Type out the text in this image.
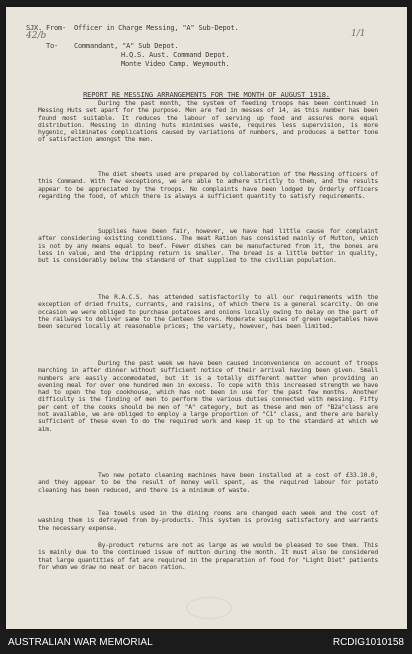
SJX. From- Officer in Charge Messing, "A" Sub-Depot.
42/b	1/1
To- Commandant, "A" Sub Depot.
H.Q.S. Aust. Command Depot.
Monte Video Camp. Weymouth.
REPORT RE MESSING ARRANGEMENTS FOR THE MONTH OF AUGUST 1918.
During the past month, the system of feeding troops has been continued in Messing Huts set apart for the purpose. Men are fed in messes of 14, as this number has been found most suitable. It reduces the labour of serving up food and assures more equal distribution. Messing in dining huts minimises waste, requires less supervision, is more hygenic, eliminates complications caused by variations of numbers, and produces a better tone of satisfaction amongst the men.
The diet sheets used are prepared by collaboration of the Messing officers of this Command. With few exceptions, we are able to adhere strictly to them, and the results appear to be appreciated by the troops. No complaints have been lodged by Orderly officers regarding the food, of which there is always a sufficient quantity to satisfy requirements.
Supplies have been fair, however, we have had little cause for complaint after considering existing conditions. The meat Ration has consisted mainly of Mutton, which is not by any means equal to beef. Fewer dishes can be manufactured from it, the bones are less in value, and the dripping return is smaller. The bread is a little better in quality, but is considerably below the standard of that supplied to the civilian population.
The R.A.C.S. has attended satisfactorily to all our requirements with the exception of dried fruits, currants, and raisins, of which there is a general scarcity. On one occasion we were obliged to purchase potatoes and onions locally owing to delay on the part of the railways to deliver same to the Canteen Stores. Moderate supplies of green vegetables have been secured locally at reasonable prices; the variety, however, has been limited.
During the past week we have been caused inconvenience on account of troops marching in after dinner without sufficient notice of their arrival having been given. Small numbers are easily accommodated, but it is a totally different matter when providing an evening meal for over one hundred men in excess. To cope with this increased strength we have had to open the top cookhouse, which has not been in use for the past few months. Another difficulty is the finding of men to perform the various duties connected with messing. Fifty per cent of the cooks should be men of "A" category, but as these and men of "B2a"class are not available, we are obliged to employ a large proportion of "C1" class, and there are barely sufficient of these even to do the required work and keep it up to the standard at which we aim.
Two new potato cleaning machines have been installed at a cost of £33.10.0, and they appear to be the result of money well spent, as the required labour for potato cleaning has been reduced, and there is a minimum of waste.
Tea towels used in the dining rooms are changed each week and the cost of washing them is defrayed from by-products. This system is proving satisfactory and warrants the necessary expense.
By-product returns are not as large as we would be pleased to see them. This is mainly due to the continued issue of mutton during the month. It must also be considered that large quantities of fat are required in the preparation of food for "Light Diet" patients for whom we draw no meat or bacon ration.
AUSTRALIAN WAR MEMORIAL	RCDIG1010158
